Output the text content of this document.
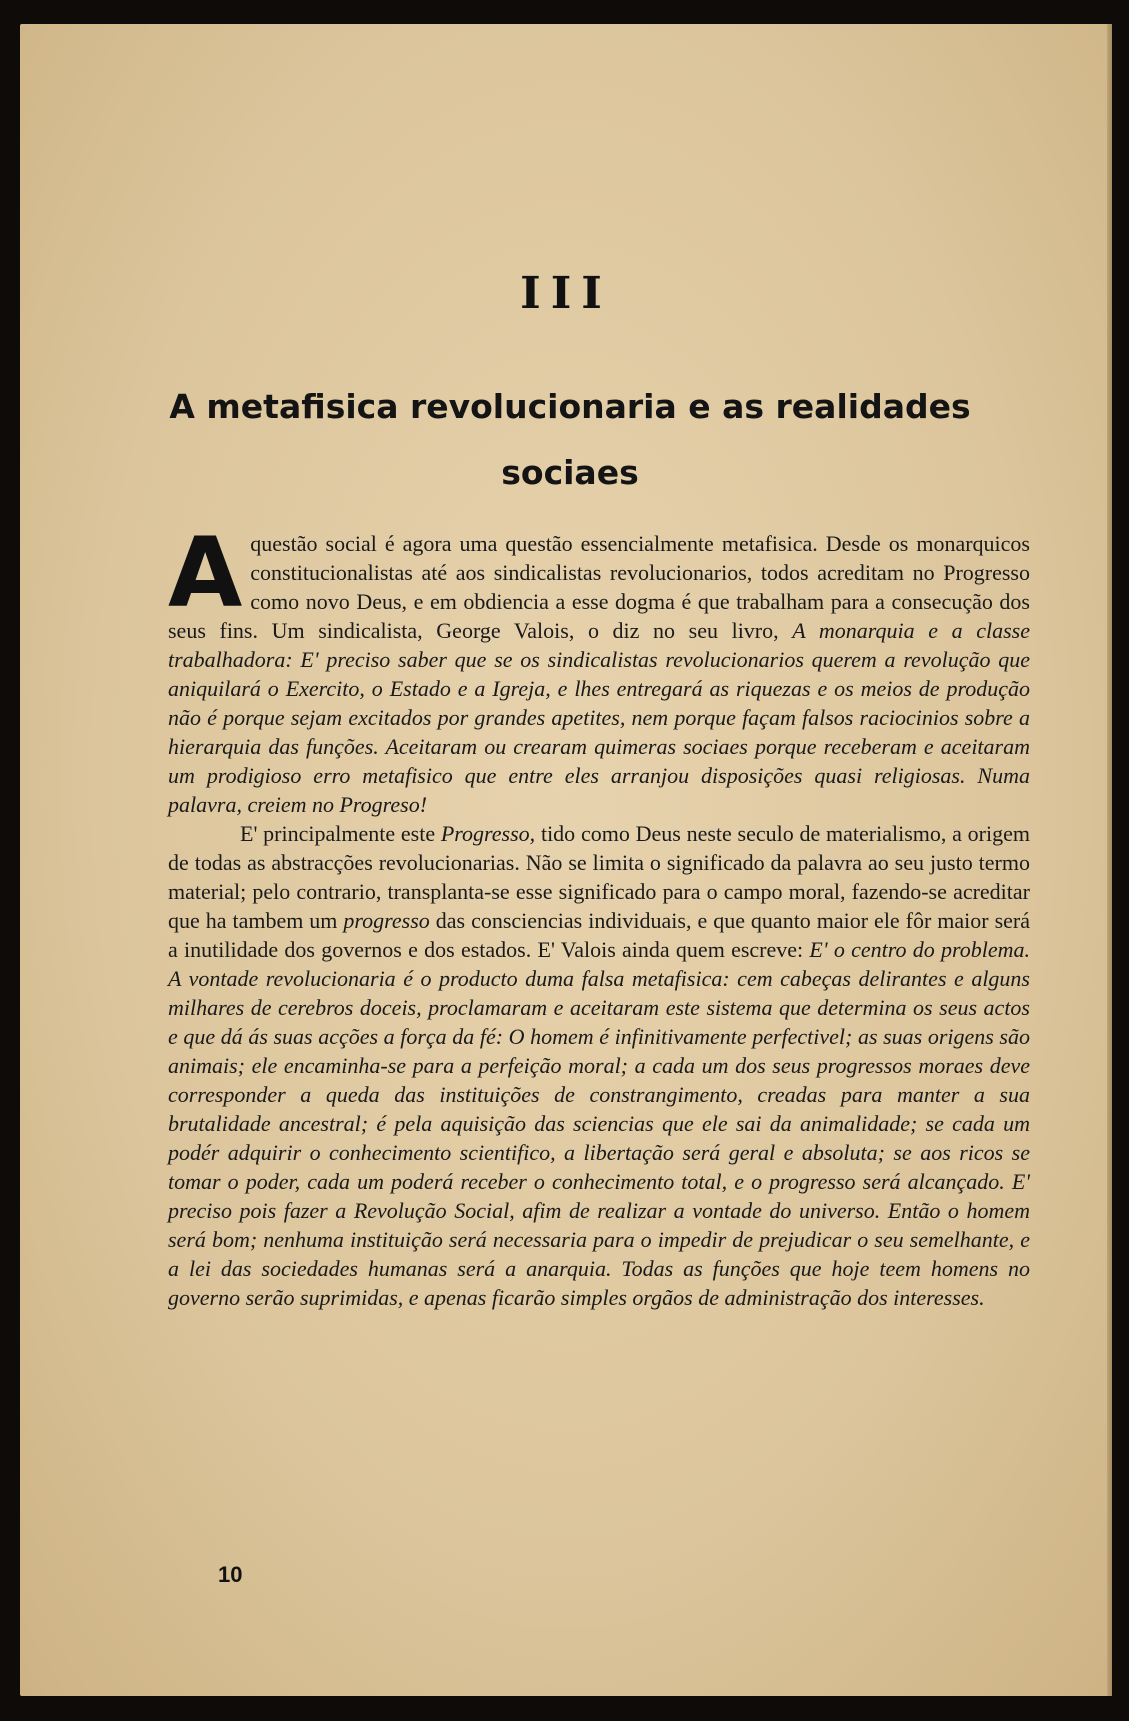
III
A metafisica revolucionaria e as realidades sociaes

A questão social é agora uma questão essencialmente metafisica. Desde os monarquicos constitucionalistas até aos sindicalistas revolucionarios, todos acreditam no Progresso como novo Deus, e em obdiencia a esse dogma é que trabalham para a consecução dos seus fins. Um sindicalista, George Valois, o diz no seu livro, A monarquia e a classe trabalhadora: E' preciso saber que se os sindicalistas revolucionarios querem a revolução que aniquilará o Exercito, o Estado e a Igreja, e lhes entregará as riquezas e os meios de produção não é porque sejam excitados por grandes apetites, nem porque façam falsos raciocinios sobre a hierarquia das funções. Aceitaram ou crearam quimeras sociaes porque receberam e aceitaram um prodigioso erro metafisico que entre eles arranjou disposições quasi religiosas. Numa palavra, creiem no Progreso!

E' principalmente este Progresso, tido como Deus neste seculo de materialismo, a origem de todas as abstracções revolucionarias. Não se limita o significado da palavra ao seu justo termo material; pelo contrario, transplanta-se esse significado para o campo moral, fazendo-se acreditar que ha tambem um progresso das consciencias individuais, e que quanto maior ele fôr maior será a inutilidade dos governos e dos estados. E' Valois ainda quem escreve: E' o centro do problema. A vontade revolucionaria é o producto duma falsa metafisica: cem cabeças delirantes e alguns milhares de cerebros doceis, proclamaram e aceitaram este sistema que determina os seus actos e que dá ás suas acções a força da fé: O homem é infinitivamente perfectivel; as suas origens são animais; ele encaminha-se para a perfeição moral; a cada um dos seus progressos moraes deve corresponder a queda das instituições de constrangimento, creadas para manter a sua brutalidade ancestral; é pela aquisição das sciencias que ele sai da animalidade; se cada um podér adquirir o conhecimento scientifico, a libertação será geral e absoluta; se aos ricos se tomar o poder, cada um poderá receber o conhecimento total, e o progresso será alcançado. E' preciso pois fazer a Revolução Social, afim de realizar a vontade do universo. Então o homem será bom; nenhuma instituição será necessaria para o impedir de prejudicar o seu semelhante, e a lei das sociedades humanas será a anarquia. Todas as funções que hoje teem homens no governo serão suprimidas, e apenas ficarão simples orgãos de administração dos interesses.

10
